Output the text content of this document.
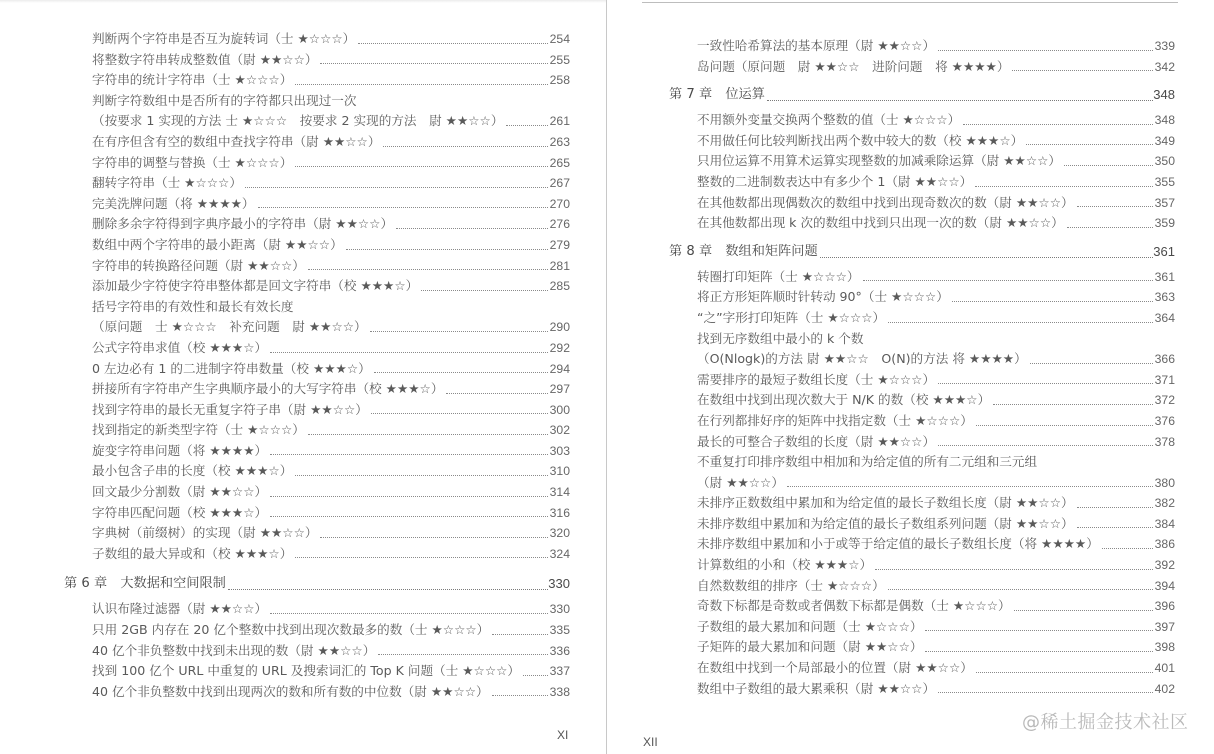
判断两个字符串是否互为旋转词（士 ★☆☆☆）	254
将整数字符串转成整数值（尉 ★★☆☆）	255
字符串的统计字符串（士 ★☆☆☆）	258
判断字符数组中是否所有的字符都只出现过一次
（按要求 1 实现的方法 士 ★☆☆☆　按要求 2 实现的方法　尉 ★★☆☆）	261
在有序但含有空的数组中查找字符串（尉 ★★☆☆）	263
字符串的调整与替换（士 ★☆☆☆）	265
翻转字符串（士 ★☆☆☆）	267
完美洗牌问题（将 ★★★★）	270
删除多余字符得到字典序最小的字符串（尉 ★★☆☆）	276
数组中两个字符串的最小距离（尉 ★★☆☆）	279
字符串的转换路径问题（尉 ★★☆☆）	281
添加最少字符使字符串整体都是回文字符串（校 ★★★☆）	285
括号字符串的有效性和最长有效长度
（原问题　士 ★☆☆☆　补充问题　尉 ★★☆☆）	290
公式字符串求值（校 ★★★☆）	292
0 左边必有 1 的二进制字符串数量（校 ★★★☆）	294
拼接所有字符串产生字典顺序最小的大写字符串（校 ★★★☆）	297
找到字符串的最长无重复字符子串（尉 ★★☆☆）	300
找到指定的新类型字符（士 ★☆☆☆）	302
旋变字符串问题（将 ★★★★）	303
最小包含子串的长度（校 ★★★☆）	310
回文最少分割数（尉 ★★☆☆）	314
字符串匹配问题（校 ★★★☆）	316
字典树（前缀树）的实现（尉 ★★☆☆）	320
子数组的最大异或和（校 ★★★☆）	324
第 6 章　大数据和空间限制	330
认识布隆过滤器（尉 ★★☆☆）	330
只用 2GB 内存在 20 亿个整数中找到出现次数最多的数（士 ★☆☆☆）	335
40 亿个非负整数中找到未出现的数（尉 ★★☆☆）	336
找到 100 亿个 URL 中重复的 URL 及搜索词汇的 Top K 问题（士 ★☆☆☆） 337
40 亿个非负整数中找到出现两次的数和所有数的中位数（尉 ★★☆☆）	338
XI
一致性哈希算法的基本原理（尉 ★★☆☆）	339
岛问题（原问题　尉 ★★☆☆　进阶问题　将 ★★★★）	342
第 7 章　位运算	348
不用额外变量交换两个整数的值（士 ★☆☆☆）	348
不用做任何比较判断找出两个数中较大的数（校 ★★★☆）	349
只用位运算不用算术运算实现整数的加减乘除运算（尉 ★★☆☆）	350
整数的二进制数表达中有多少个 1（尉 ★★☆☆）	355
在其他数都出现偶数次的数组中找到出现奇数次的数（尉 ★★☆☆）	357
在其他数都出现 k 次的数组中找到只出现一次的数（尉 ★★☆☆）	359
第 8 章　数组和矩阵问题	361
转圈打印矩阵（士 ★☆☆☆）	361
将正方形矩阵顺时针转动 90°（士 ★☆☆☆）	363
“之”字形打印矩阵（士 ★☆☆☆）	364
找到无序数组中最小的 k 个数
（O(Nlogk)的方法 尉 ★★☆☆　O(N)的方法 将 ★★★★）	366
需要排序的最短子数组长度（士 ★☆☆☆）	371
在数组中找到出现次数大于 N/K 的数（校 ★★★☆）	372
在行列都排好序的矩阵中找指定数（士 ★☆☆☆）	376
最长的可整合子数组的长度（尉 ★★☆☆）	378
不重复打印排序数组中相加和为给定值的所有二元组和三元组
（尉 ★★☆☆）	380
未排序正数数组中累加和为给定值的最长子数组长度（尉 ★★☆☆）	382
未排序数组中累加和为给定值的最长子数组系列问题（尉 ★★☆☆）	384
未排序数组中累加和小于或等于给定值的最长子数组长度（将 ★★★★）	386
计算数组的小和（校 ★★★☆）	392
自然数数组的排序（士 ★☆☆☆）	394
奇数下标都是奇数或者偶数下标都是偶数（士 ★☆☆☆）	396
子数组的最大累加和问题（士 ★☆☆☆）	397
子矩阵的最大累加和问题（尉 ★★☆☆）	398
在数组中找到一个局部最小的位置（尉 ★★☆☆）	401
数组中子数组的最大累乘积（尉 ★★☆☆）	402
XII
@稀土掘金技术社区
